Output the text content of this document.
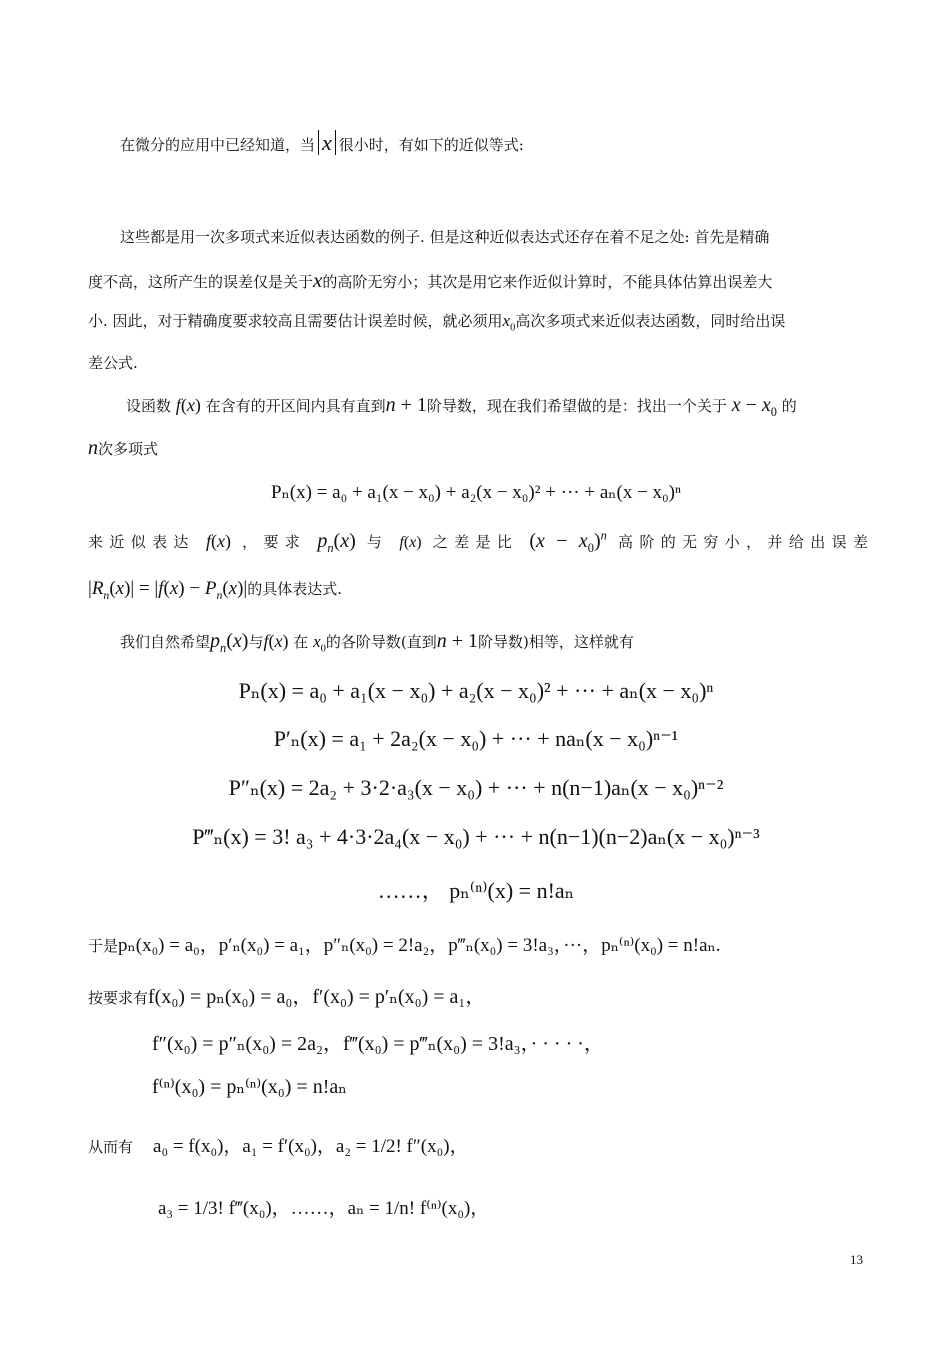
在微分的应用中已经知道，当 x 很小时，有如下的近似等式:
这些都是用一次多项式来近似表达函数的例子. 但是这种近似表达式还存在着不足之处: 首先是精确
度不高，这所产生的误差仅是关于x的高阶无穷小；其次是用它来作近似计算时，不能具体估算出误差大
小. 因此，对于精确度要求较高且需要估计误差时候，就必须用$x_0$高次多项式来近似表达函数，同时给出误
差公式.
设函数 f(x) 在含有的开区间内具有直到n + 1阶导数，现在我们希望做的是：找出一个关于 $x - x_0$ 的
n次多项式
Pₙ(x) = a₀ + a₁(x − x₀) + a₂(x − x₀)² + ··· + aₙ(x − x₀)ⁿ
来近似表达 f(x) ，要求 $p_n(x)$ 与 f(x) 之差是比 $(x - x_0)^n$ 高阶的无穷小，并给出误差
$|R_n(x)| = |f(x) - P_n(x)|$的具体表达式.
我们自然希望$p_n(x)$与f(x) 在 $x_0$的各阶导数(直到n + 1阶导数)相等，这样就有
Pₙ(x) = a₀ + a₁(x − x₀) + a₂(x − x₀)² + ··· + aₙ(x − x₀)ⁿ
P′ₙ(x) = a₁ + 2a₂(x − x₀) + ··· + naₙ(x − x₀)ⁿ⁻¹
P″ₙ(x) = 2a₂ + 3·2·a₃(x − x₀) + ··· + n(n−1)aₙ(x − x₀)ⁿ⁻²
P‴ₙ(x) = 3! a₃ + 4·3·2a₄(x − x₀) + ··· + n(n−1)(n−2)aₙ(x − x₀)ⁿ⁻³
……， pₙ⁽ⁿ⁾(x) = n!aₙ
于是pₙ(x₀) = a₀，p′ₙ(x₀) = a₁，p″ₙ(x₀) = 2!a₂，p‴ₙ(x₀) = 3!a₃，···，pₙ⁽ⁿ⁾(x₀) = n!aₙ.
按要求有f(x₀) = pₙ(x₀) = a₀，f′(x₀) = p′ₙ(x₀) = a₁，
f″(x₀) = p″ₙ(x₀) = 2a₂，f‴(x₀) = p‴ₙ(x₀) = 3!a₃，· · · · ·，
f⁽ⁿ⁾(x₀) = pₙ⁽ⁿ⁾(x₀) = n!aₙ
从而有 a₀ = f(x₀)，a₁ = f′(x₀)，a₂ = 1/2! f″(x₀)，
a₃ = 1/3! f‴(x₀)，……，aₙ = 1/n! f⁽ⁿ⁾(x₀)，
13
